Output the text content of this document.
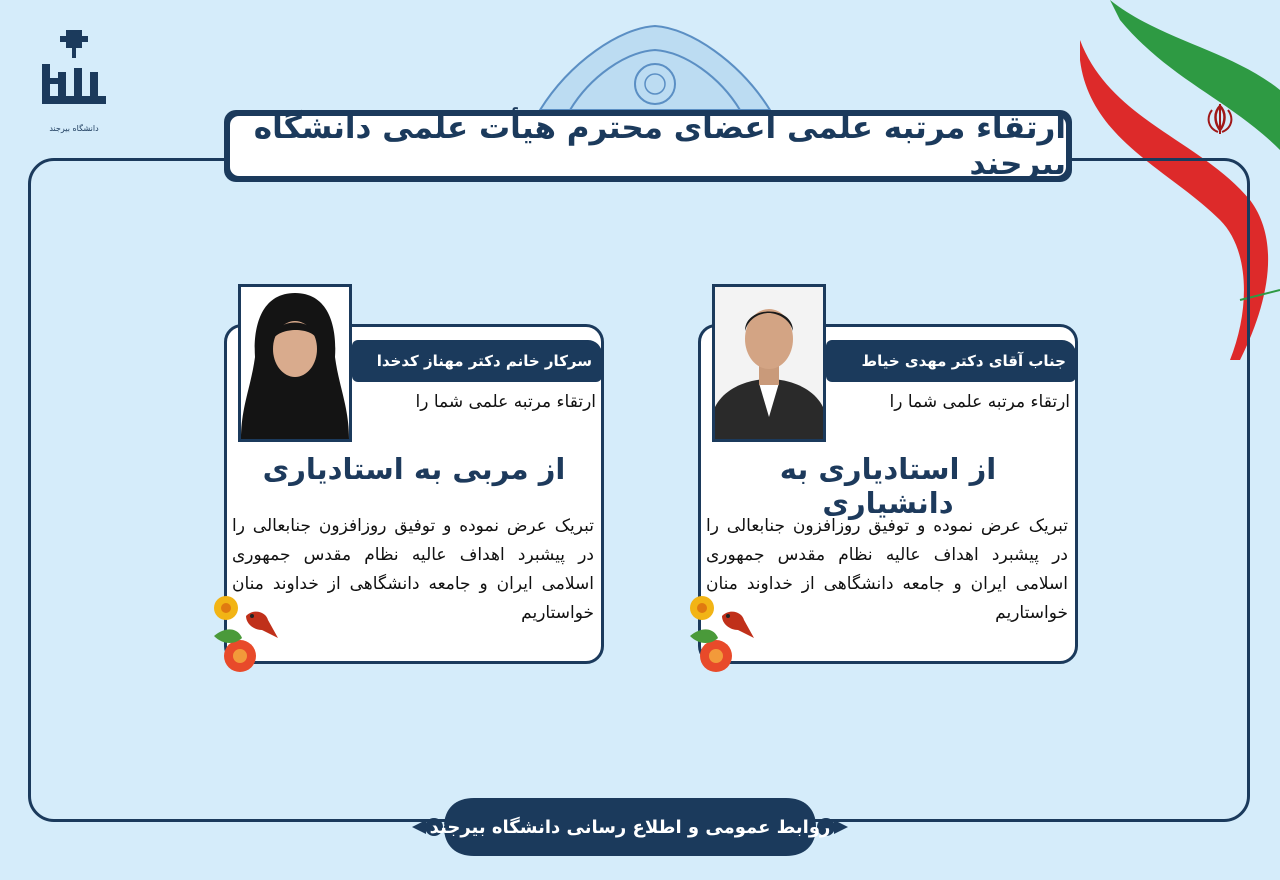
دانشگاه بیرجند	ارتقاء مرتبه علمی اعضای محترم هیأت علمی دانشگاه بیرجند
جناب آقای دکتر مهدی خیاط
ارتقاء مرتبه علمی شما را
از استادیاری به دانشیاری
تبریک عرض نموده و توفیق روزافزون جنابعالی را در پیشبرد اهداف عالیه نظام مقدس جمهوری اسلامی ایران و جامعه دانشگاهی از خداوند منان خواستاریم
سرکار خانم دکتر مهناز کدخدا
ارتقاء مرتبه علمی شما را
از مربی به استادیاری
تبریک عرض نموده و توفیق روزافزون جنابعالی را در پیشبرد اهداف عالیه نظام مقدس جمهوری اسلامی ایران و جامعه دانشگاهی از خداوند منان خواستاریم
روابط عمومی و اطلاع رسانی دانشگاه بیرجند
